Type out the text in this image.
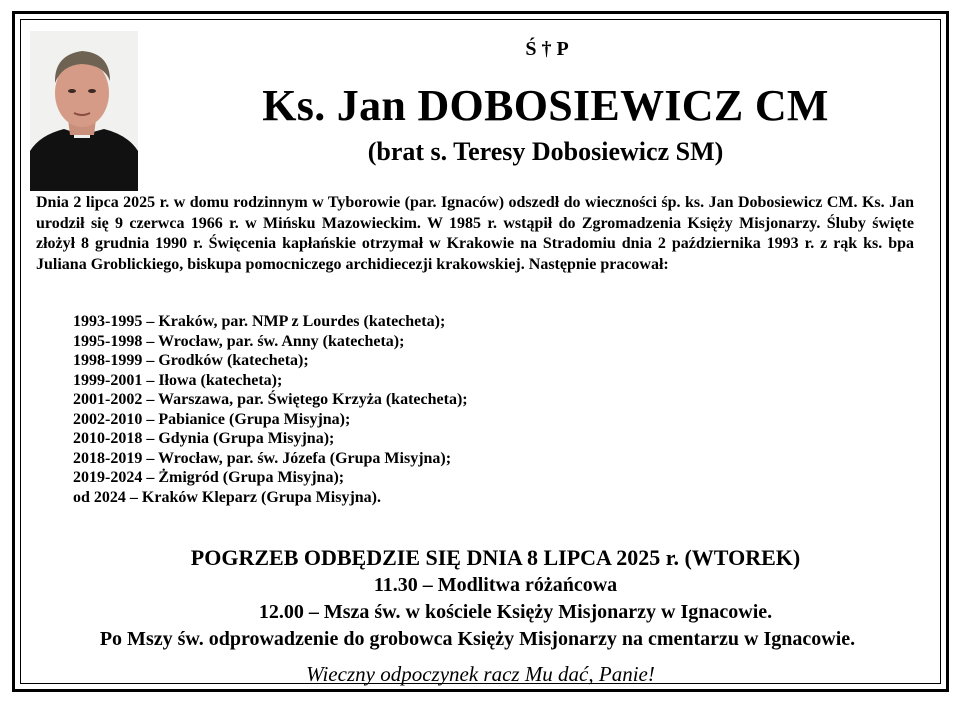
Ś † P
Ks. Jan DOBOSIEWICZ CM
(brat s. Teresy Dobosiewicz SM)

Dnia 2 lipca 2025 r. w domu rodzinnym w Tyborowie (par. Ignaców) odszedł do wieczności śp. ks. Jan Dobosiewicz CM. Ks. Jan urodził się 9 czerwca 1966 r. w Mińsku Mazowieckim. W 1985 r. wstąpił do Zgromadzenia Księży Misjonarzy. Śluby święte złożył 8 grudnia 1990 r. Święcenia kapłańskie otrzymał w Krakowie na Stradomiu dnia 2 października 1993 r. z rąk ks. bpa Juliana Groblickiego, biskupa pomocniczego archidiecezji krakowskiej. Następnie pracował:

1993-1995 – Kraków, par. NMP z Lourdes (katecheta);
1995-1998 – Wrocław, par. św. Anny (katecheta);
1998-1999 – Grodków (katecheta);
1999-2001 – Iłowa (katecheta);
2001-2002 – Warszawa, par. Świętego Krzyża (katecheta);
2002-2010 – Pabianice (Grupa Misyjna);
2010-2018 – Gdynia (Grupa Misyjna);
2018-2019 – Wrocław, par. św. Józefa (Grupa Misyjna);
2019-2024 – Żmigród (Grupa Misyjna);
od 2024 – Kraków Kleparz (Grupa Misyjna).
POGRZEB ODBĘDZIE SIĘ DNIA 8 LIPCA 2025 r. (WTOREK)
11.30 – Modlitwa różańcowa
12.00 – Msza św. w kościele Księży Misjonarzy w Ignacowie.
Po Mszy św. odprowadzenie do grobowca Księży Misjonarzy na cmentarzu w Ignacowie.
Wieczny odpoczynek racz Mu dać, Panie!
